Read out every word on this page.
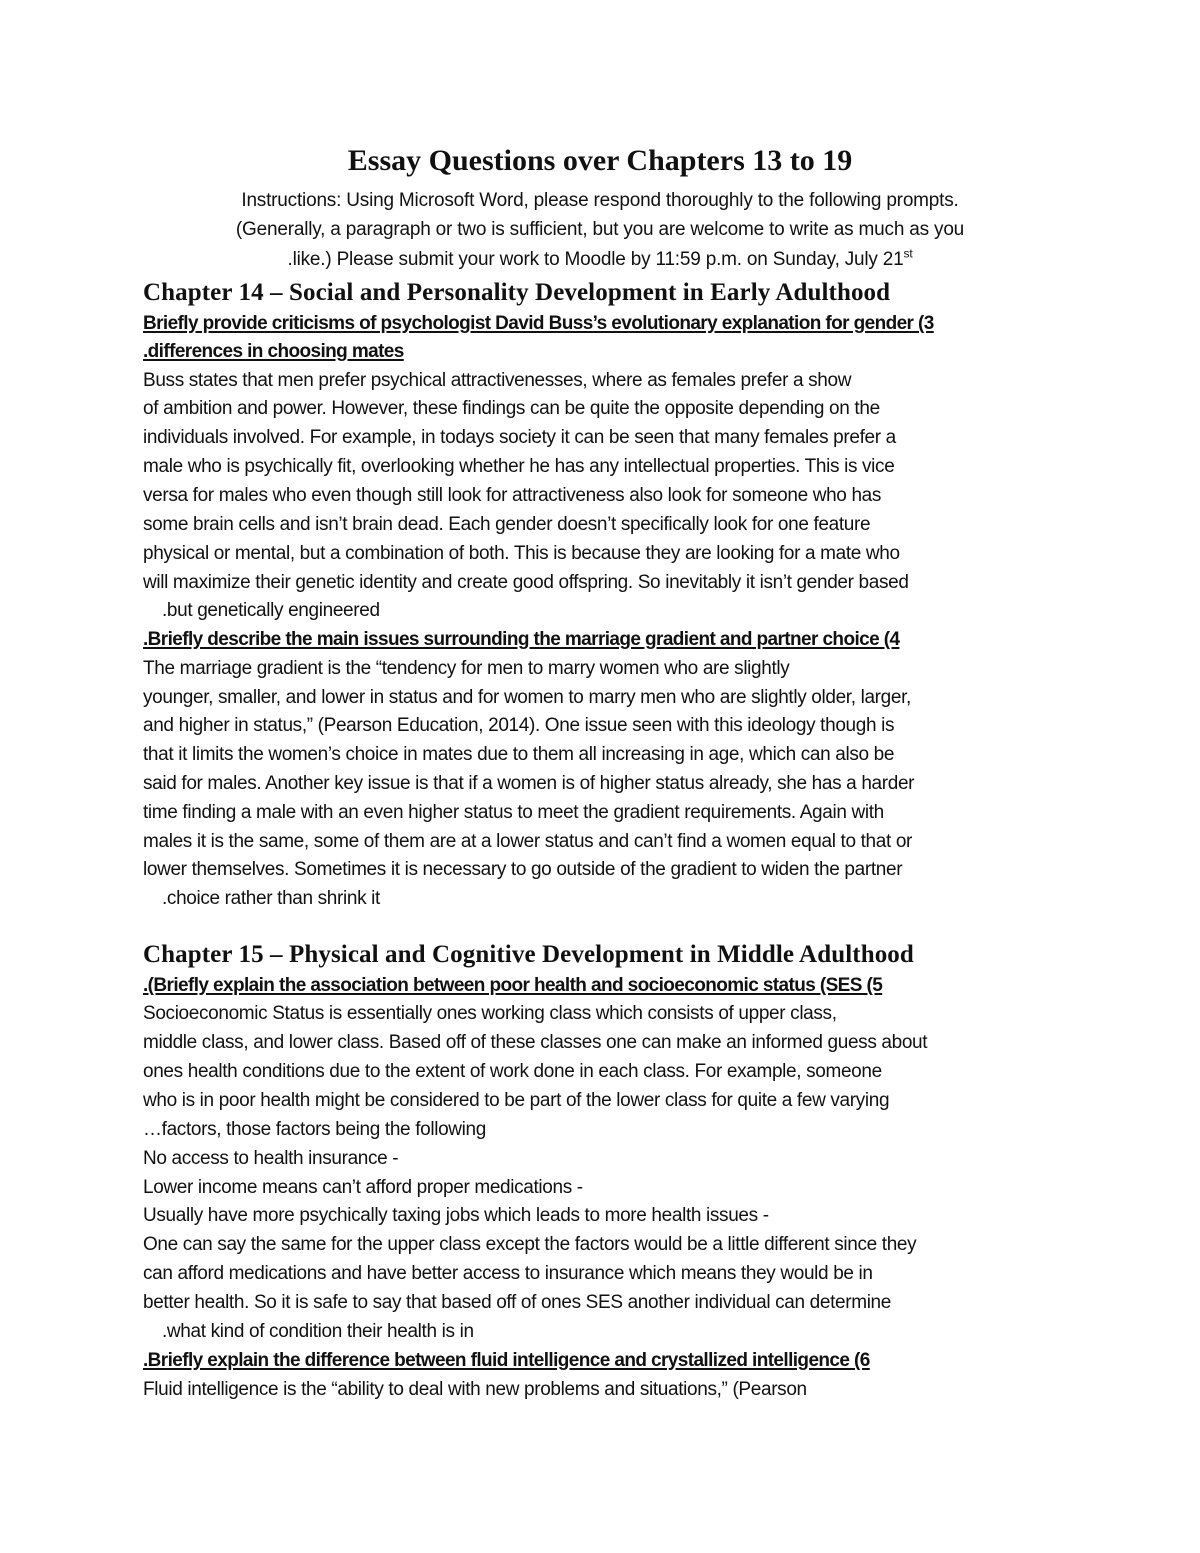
Essay Questions over Chapters 13 to 19
Instructions: Using Microsoft Word, please respond thoroughly to the following prompts.
(Generally, a paragraph or two is sufficient, but you are welcome to write as much as you
.like.) Please submit your work to Moodle by 11:59 p.m. on Sunday, July 21st
Chapter 14 – Social and Personality Development in Early Adulthood
Briefly provide criticisms of psychologist David Buss’s evolutionary explanation for gender (3
.differences in choosing mates
Buss states that men prefer psychical attractivenesses, where as females prefer a show
of ambition and power. However, these findings can be quite the opposite depending on the
individuals involved. For example, in todays society it can be seen that many females prefer a
male who is psychically fit, overlooking whether he has any intellectual properties. This is vice
versa for males who even though still look for attractiveness also look for someone who has
some brain cells and isn’t brain dead. Each gender doesn’t specifically look for one feature
physical or mental, but a combination of both. This is because they are looking for a mate who
will maximize their genetic identity and create good offspring. So inevitably it isn’t gender based
.but genetically engineered
.Briefly describe the main issues surrounding the marriage gradient and partner choice (4
The marriage gradient is the “tendency for men to marry women who are slightly
younger, smaller, and lower in status and for women to marry men who are slightly older, larger,
and higher in status,” (Pearson Education, 2014). One issue seen with this ideology though is
that it limits the women’s choice in mates due to them all increasing in age, which can also be
said for males. Another key issue is that if a women is of higher status already, she has a harder
time finding a male with an even higher status to meet the gradient requirements. Again with
males it is the same, some of them are at a lower status and can’t find a women equal to that or
lower themselves. Sometimes it is necessary to go outside of the gradient to widen the partner
.choice rather than shrink it
Chapter 15 – Physical and Cognitive Development in Middle Adulthood
.(Briefly explain the association between poor health and socioeconomic status (SES (5
Socioeconomic Status is essentially ones working class which consists of upper class,
middle class, and lower class. Based off of these classes one can make an informed guess about
ones health conditions due to the extent of work done in each class. For example, someone
who is in poor health might be considered to be part of the lower class for quite a few varying
…factors, those factors being the following
No access to health insurance -
Lower income means can’t afford proper medications -
Usually have more psychically taxing jobs which leads to more health issues -
One can say the same for the upper class except the factors would be a little different since they
can afford medications and have better access to insurance which means they would be in
better health. So it is safe to say that based off of ones SES another individual can determine
.what kind of condition their health is in
.Briefly explain the difference between fluid intelligence and crystallized intelligence (6
Fluid intelligence is the “ability to deal with new problems and situations,” (Pearson
